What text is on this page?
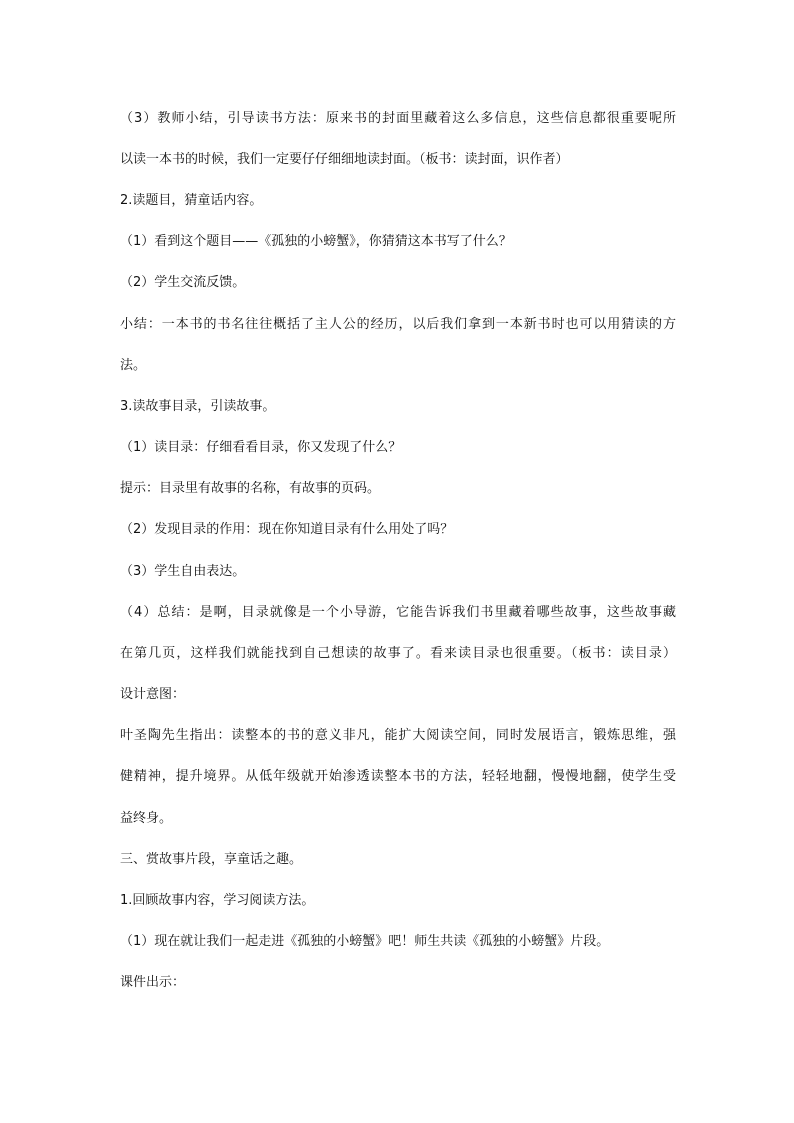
（3）教师小结，引导读书方法：原来书的封面里藏着这么多信息，这些信息都很重要呢所
以读一本书的时候，我们一定要仔仔细细地读封面。（板书：读封面，识作者）
2.读题目，猜童话内容。
（1）看到这个题目——《孤独的小螃蟹》，你猜猜这本书写了什么？
（2）学生交流反馈。
小结：一本书的书名往往概括了主人公的经历，以后我们拿到一本新书时也可以用猜读的方
法。
3.读故事目录，引读故事。
（1）读目录：仔细看看目录，你又发现了什么？
提示：目录里有故事的名称，有故事的页码。
（2）发现目录的作用：现在你知道目录有什么用处了吗？
（3）学生自由表达。
（4）总结：是啊，目录就像是一个小导游，它能告诉我们书里藏着哪些故事，这些故事藏
在第几页，这样我们就能找到自己想读的故事了。看来读目录也很重要。（板书：读目录）
设计意图：
叶圣陶先生指出：读整本的书的意义非凡，能扩大阅读空间，同时发展语言，锻炼思维，强
健精神，提升境界。从低年级就开始渗透读整本书的方法，轻轻地翻，慢慢地翻，使学生受
益终身。
三、赏故事片段，享童话之趣。
1.回顾故事内容，学习阅读方法。
（1）现在就让我们一起走进《孤独的小螃蟹》吧！师生共读《孤独的小螃蟹》片段。
课件出示：
